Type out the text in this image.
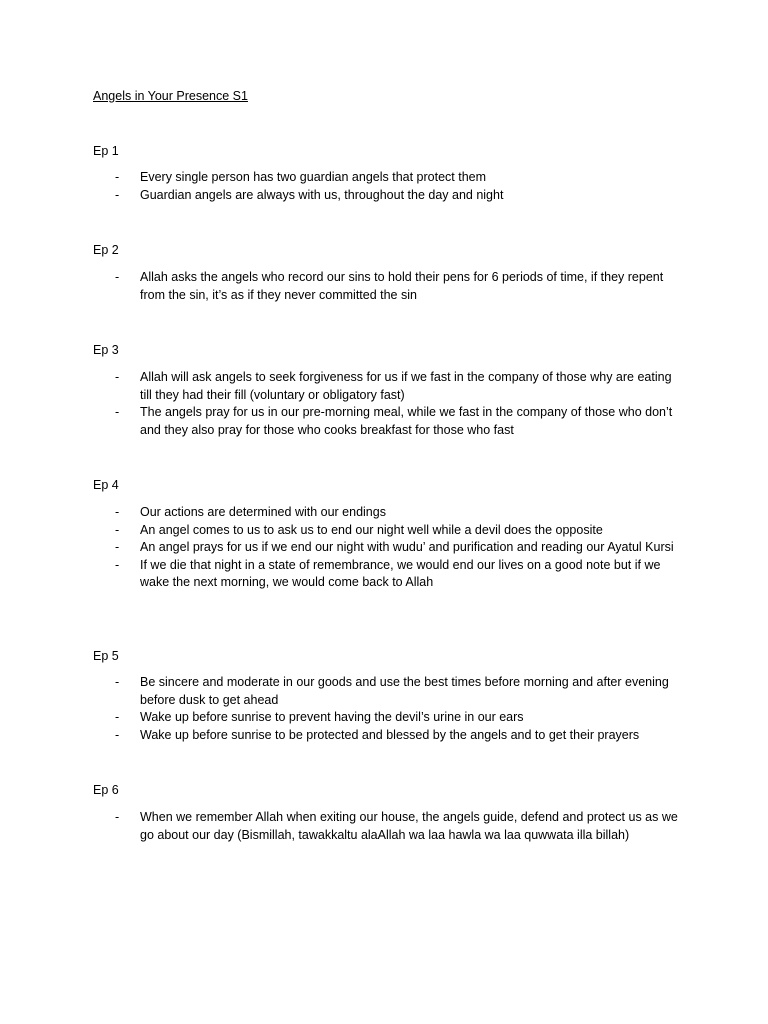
Angels in Your Presence S1
Ep 1
- Every single person has two guardian angels that protect them
- Guardian angels are always with us, throughout the day and night
Ep 2
- Allah asks the angels who record our sins to hold their pens for 6 periods of time, if they repent from the sin, it’s as if they never committed the sin
Ep 3
- Allah will ask angels to seek forgiveness for us if we fast in the company of those why are eating till they had their fill (voluntary or obligatory fast)
- The angels pray for us in our pre-morning meal, while we fast in the company of those who don’t and they also pray for those who cooks breakfast for those who fast
Ep 4
- Our actions are determined with our endings
- An angel comes to us to ask us to end our night well while a devil does the opposite
- An angel prays for us if we end our night with wudu’ and purification and reading our Ayatul Kursi
- If we die that night in a state of remembrance, we would end our lives on a good note but if we wake the next morning, we would come back to Allah
Ep 5
- Be sincere and moderate in our goods and use the best times before morning and after evening before dusk to get ahead
- Wake up before sunrise to prevent having the devil’s urine in our ears
- Wake up before sunrise to be protected and blessed by the angels and to get their prayers
Ep 6
- When we remember Allah when exiting our house, the angels guide, defend and protect us as we go about our day (Bismillah, tawakkaltu alaAllah wa laa hawla wa laa quwwata illa billah)
